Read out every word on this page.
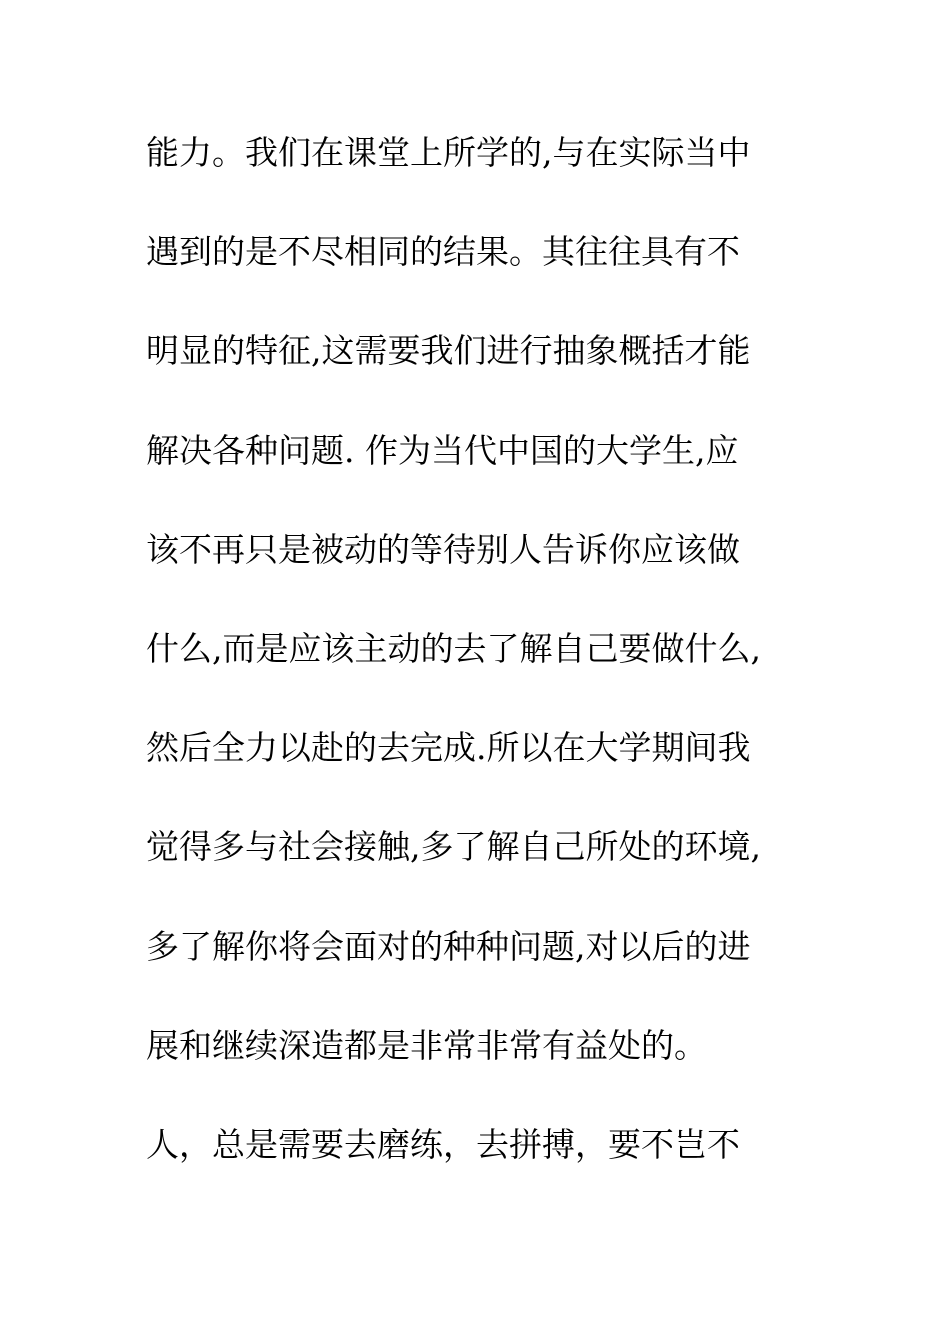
能力。我们在课堂上所学的,与在实际当中
遇到的是不尽相同的结果。其往往具有不
明显的特征,这需要我们进行抽象概括才能
解决各种问题. 作为当代中国的大学生,应
该不再只是被动的等待别人告诉你应该做
什么,而是应该主动的去了解自己要做什么,
然后全力以赴的去完成.所以在大学期间我
觉得多与社会接触,多了解自己所处的环境,
多了解你将会面对的种种问题,对以后的进
展和继续深造都是非常非常有益处的。
人，总是需要去磨练，去拼搏，要不岂不
